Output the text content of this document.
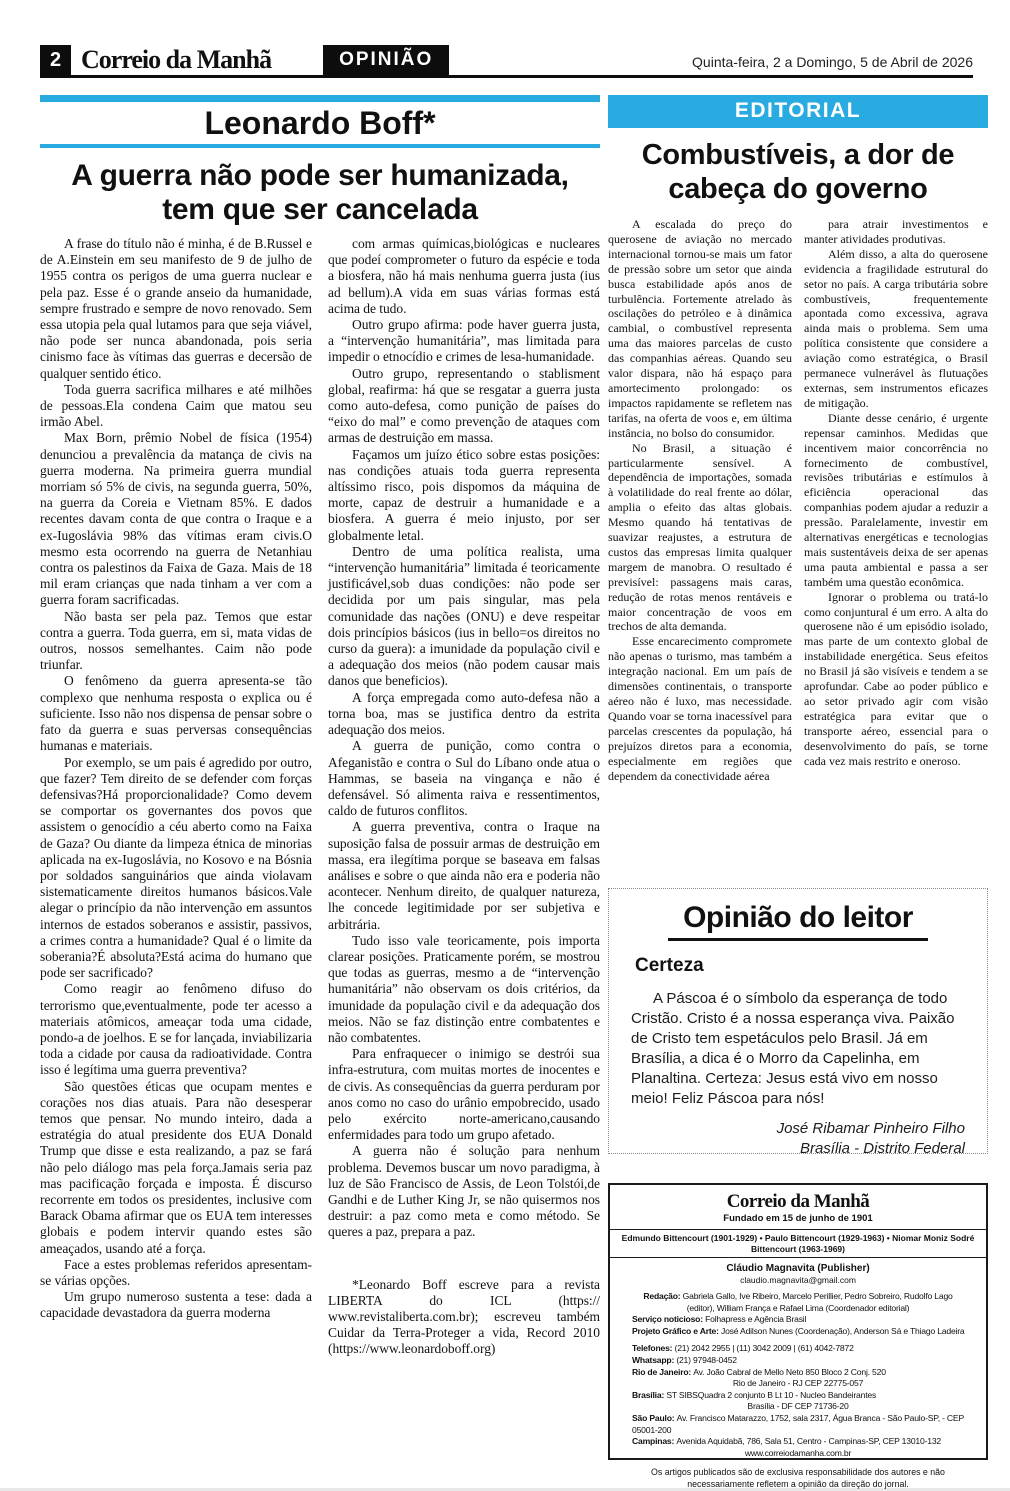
2 Correio da Manhã	OPINIÃO	Quinta-feira, 2 a Domingo, 5 de Abril de 2026
Leonardo Boff*
A guerra não pode ser humanizada, tem que ser cancelada

A frase do título não é minha, é de B.Russel e de A.Einstein em seu manifesto de 9 de julho de 1955 contra os perigos de uma guerra nuclear e pela paz. Esse é o grande anseio da humanidade, sempre frustrado e sempre de novo renovado. Sem essa utopia pela qual lutamos para que seja viável, não pode ser nunca abandonada, pois seria cinismo face às vítimas das guerras e decersão de qualquer sentido ético.

Toda guerra sacrifica milhares e até milhões de pessoas.Ela condena Caim que matou seu irmão Abel.

Max Born, prêmio Nobel de física (1954) denunciou a prevalência da matança de civis na guerra moderna. Na primeira guerra mundial morriam só 5% de civis, na segunda guerra, 50%, na guerra da Coreia e Vietnam 85%. E dados recentes davam conta de que contra o Iraque e a ex-Iugoslávia 98% das vítimas eram civis.O mesmo esta ocorrendo na guerra de Netanhiau contra os palestinos da Faixa de Gaza. Mais de 18 mil eram crianças que nada tinham a ver com a guerra foram sacrificadas.

Não basta ser pela paz. Temos que estar contra a guerra. Toda guerra, em si, mata vidas de outros, nossos semelhantes. Caim não pode triunfar.

O fenômeno da guerra apresenta-se tão complexo que nenhuma resposta o explica ou é suficiente. Isso não nos dispensa de pensar sobre o fato da guerra e suas perversas consequências humanas e materiais.

Por exemplo, se um pais é agredido por outro, que fazer? Tem direito de se defender com forças defensivas?Há proporcionalidade? Como devem se comportar os governantes dos povos que assistem o genocídio a céu aberto como na Faixa de Gaza? Ou diante da limpeza étnica de minorias aplicada na ex-Iugoslávia, no Kosovo e na Bósnia por soldados sanguinários que ainda violavam sistematicamente direitos humanos básicos.Vale alegar o princípio da não intervenção em assuntos internos de estados soberanos e assistir, passivos, a crimes contra a humanidade? Qual é o limite da soberania?É absoluta?Está acima do humano que pode ser sacrificado?

Como reagir ao fenômeno difuso do terrorismo que,eventualmente, pode ter acesso a materiais atômicos, ameaçar toda uma cidade, pondo-a de joelhos. E se for lançada, inviabilizaria toda a cidade por causa da radioatividade. Contra isso é legítima uma guerra preventiva?

São questões éticas que ocupam mentes e corações nos dias atuais. Para não desesperar temos que pensar. No mundo inteiro, dada a estratégia do atual presidente dos EUA Donald Trump que disse e esta realizando, a paz se fará não pelo diálogo mas pela força.Jamais seria paz mas pacificação forçada e imposta. É discurso recorrente em todos os presidentes, inclusive com Barack Obama afirmar que os EUA tem interesses globais e podem intervir quando estes são ameaçados, usando até a força.

Face a estes problemas referidos apresentam-se várias opções.

Um grupo numeroso sustenta a tese: dada a capacidade devastadora da guerra moderna

com armas químicas,biológicas e nucleares que podeí comprometer o futuro da espécie e toda a biosfera, não há mais nenhuma guerra justa (ius ad bellum).A vida em suas várias formas está acima de tudo.

Outro grupo afirma: pode haver guerra justa, a “intervenção humanitária”, mas limitada para impedir o etnocídio e crimes de lesa-humanidade.

Outro grupo, representando o stablisment global, reafirma: há que se resgatar a guerra justa como auto-defesa, como punição de países do “eixo do mal” e como prevenção de ataques com armas de destruição em massa.

Façamos um juízo ético sobre estas posições: nas condições atuais toda guerra representa altíssimo risco, pois dispomos da máquina de morte, capaz de destruir a humanidade e a biosfera. A guerra é meio injusto, por ser globalmente letal.

Dentro de uma política realista, uma “intervenção humanitária” limitada é teoricamente justificável,sob duas condições: não pode ser decidida por um pais singular, mas pela comunidade das nações (ONU) e deve respeitar dois princípios básicos (ius in bello=os direitos no curso da guera): a imunidade da população civil e a adequação dos meios (não podem causar mais danos que beneficios).

A força empregada como auto-defesa não a torna boa, mas se justifica dentro da estrita adequação dos meios.

A guerra de punição, como contra o Afeganistão e contra o Sul do Líbano onde atua o Hammas, se baseia na vingança e não é defensável. Só alimenta raiva e ressentimentos, caldo de futuros conflitos.

A guerra preventiva, contra o Iraque na suposição falsa de possuir armas de destruição em massa, era ilegítima porque se baseava em falsas análises e sobre o que ainda não era e poderia não acontecer. Nenhum direito, de qualquer natureza, lhe concede legitimidade por ser subjetiva e arbitrária.

Tudo isso vale teoricamente, pois importa clarear posições. Praticamente porém, se mostrou que todas as guerras, mesmo a de “intervenção humanitária” não observam os dois critérios, da imunidade da população civil e da adequação dos meios. Não se faz distinção entre combatentes e não combatentes.

Para enfraquecer o inimigo se destrói sua infra-estrutura, com muitas mortes de inocentes e de civis. As consequências da guerra perduram por anos como no caso do urânio empobrecido, usado pelo exército norte-americano,causando enfermidades para todo um grupo afetado.

A guerra não é solução para nenhum problema. Devemos buscar um novo paradigma, à luz de São Francisco de Assis, de Leon Tolstói,de Gandhi e de Luther King Jr, se não quisermos nos destruir: a paz como meta e como método. Se queres a paz, prepara a paz.

*Leonardo Boff escreve para a revista LIBERTA do ICL (https:// www.revistaliberta.com.br); escreveu também Cuidar da Terra-Proteger a vida, Record 2010 (https://www.leonardoboff.org)

EDITORIAL
Combustíveis, a dor de cabeça do governo

A escalada do preço do querosene de aviação no mercado internacional tornou-se mais um fator de pressão sobre um setor que ainda busca estabilidade após anos de turbulência. Fortemente atrelado às oscilações do petróleo e à dinâmica cambial, o combustível representa uma das maiores parcelas de custo das companhias aéreas. Quando seu valor dispara, não há espaço para amortecimento prolongado: os impactos rapidamente se refletem nas tarifas, na oferta de voos e, em última instância, no bolso do consumidor.

No Brasil, a situação é particularmente sensível. A dependência de importações, somada à volatilidade do real frente ao dólar, amplia o efeito das altas globais. Mesmo quando há tentativas de suavizar reajustes, a estrutura de custos das empresas limita qualquer margem de manobra. O resultado é previsível: passagens mais caras, redução de rotas menos rentáveis e maior concentração de voos em trechos de alta demanda.

Esse encarecimento compromete não apenas o turismo, mas também a integração nacional. Em um país de dimensões continentais, o transporte aéreo não é luxo, mas necessidade. Quando voar se torna inacessível para parcelas crescentes da população, há prejuízos diretos para a economia, especialmente em regiões que dependem da conectividade aérea

para atrair investimentos e manter atividades produtivas.

Além disso, a alta do querosene evidencia a fragilidade estrutural do setor no país. A carga tributária sobre combustíveis, frequentemente apontada como excessiva, agrava ainda mais o problema. Sem uma política consistente que considere a aviação como estratégica, o Brasil permanece vulnerável às flutuações externas, sem instrumentos eficazes de mitigação.

Diante desse cenário, é urgente repensar caminhos. Medidas que incentivem maior concorrência no fornecimento de combustível, revisões tributárias e estímulos à eficiência operacional das companhias podem ajudar a reduzir a pressão. Paralelamente, investir em alternativas energéticas e tecnologias mais sustentáveis deixa de ser apenas uma pauta ambiental e passa a ser também uma questão econômica.

Ignorar o problema ou tratá-lo como conjuntural é um erro. A alta do querosene não é um episódio isolado, mas parte de um contexto global de instabilidade energética. Seus efeitos no Brasil já são visíveis e tendem a se aprofundar. Cabe ao poder público e ao setor privado agir com visão estratégica para evitar que o transporte aéreo, essencial para o desenvolvimento do país, se torne cada vez mais restrito e oneroso.

Opinião do leitor
Certeza

A Páscoa é o símbolo da esperança de todo Cristão. Cristo é a nossa esperança viva. Paixão de Cristo tem espetáculos pelo Brasil. Já em Brasília, a dica é o Morro da Capelinha, em Planaltina. Certeza: Jesus está vivo em nosso meio! Feliz Páscoa para nós!

José Ribamar Pinheiro Filho
Brasília - Distrito Federal
Correio da Manhã
Fundado em 15 de junho de 1901
Edmundo Bittencourt (1901-1929) • Paulo Bittencourt (1929-1963) • Niomar Moniz Sodré Bittencourt (1963-1969)
Cláudio Magnavita (Publisher)
claudio.magnavita@gmail.com

Redação: Gabriela Gallo, Ive Ribeiro, Marcelo Perillier, Pedro Sobreiro, Rudolfo Lago

(editor), William França e Rafael Lima (Coordenador editorial)

Serviço noticioso: Folhapress e Agência Brasil

Projeto Gráfico e Arte: José Adilson Nunes (Coordenação), Anderson Sá e Thiago Ladeira

Telefones: (21) 2042 2955 | (11) 3042 2009 | (61) 4042-7872

Whatsapp: (21) 97948-0452

Rio de Janeiro: Av. João Cabral de Mello Neto 850 Bloco 2 Conj. 520

Rio de Janeiro - RJ CEP 22775-057

Brasília: ST SIBSQuadra 2 conjunto B Lt 10 - Nucleo Bandeirantes

Brasília - DF CEP 71736-20

São Paulo: Av. Francisco Matarazzo, 1752, sala 2317, Água Branca - São Paulo-SP, - CEP 05001-200

Campinas: Avenida Aquidabã, 786, Sala 51, Centro - Campinas-SP, CEP 13010-132

www.correiodamanha.com.br

Os artigos publicados são de exclusiva responsabilidade dos autores e não necessariamente refletem a opinião da direção do jornal.
